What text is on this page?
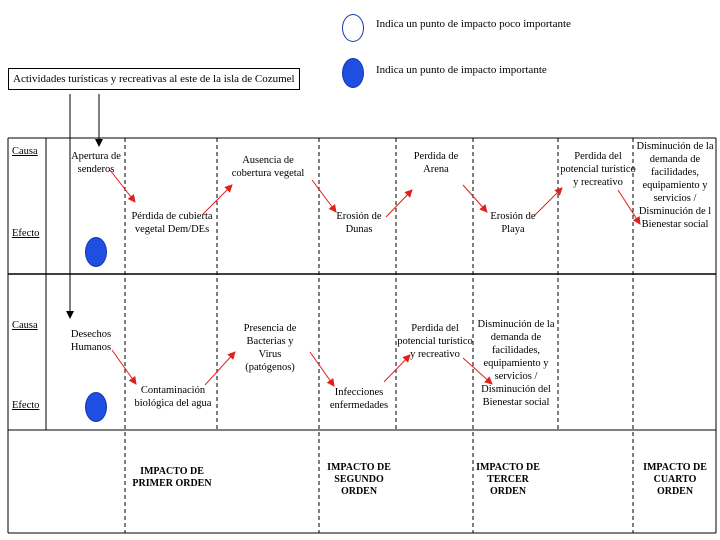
Indica un punto de impacto poco importante
Indica un punto de impacto importante
Actividades turísticas y recreativas al este de la isla de Cozumel
Causa
Efecto
Apertura de senderos
Pérdida de cubierta vegetal Dem/DEs
Ausencia de cobertura vegetal
Erosión de Dunas
Perdida de Arena
Erosión de Playa
Perdida del potencial turístico y recreativo
Disminución de la demanda de facilidades, equipamiento y servicios / Disminución de l Bienestar social
Causa
Efecto
Desechos Humanos
Contaminación biológica del agua
Presencia de Bacterias y Virus (patógenos)
Infecciones enfermedades
Perdida del potencial turístico y recreativo
Disminución de la demanda de facilidades, equipamiento y servicios / Disminución del Bienestar social
IMPACTO DE PRIMER ORDEN
IMPACTO DE SEGUNDO ORDEN
IMPACTO DE TERCER ORDEN
IMPACTO DE CUARTO ORDEN
